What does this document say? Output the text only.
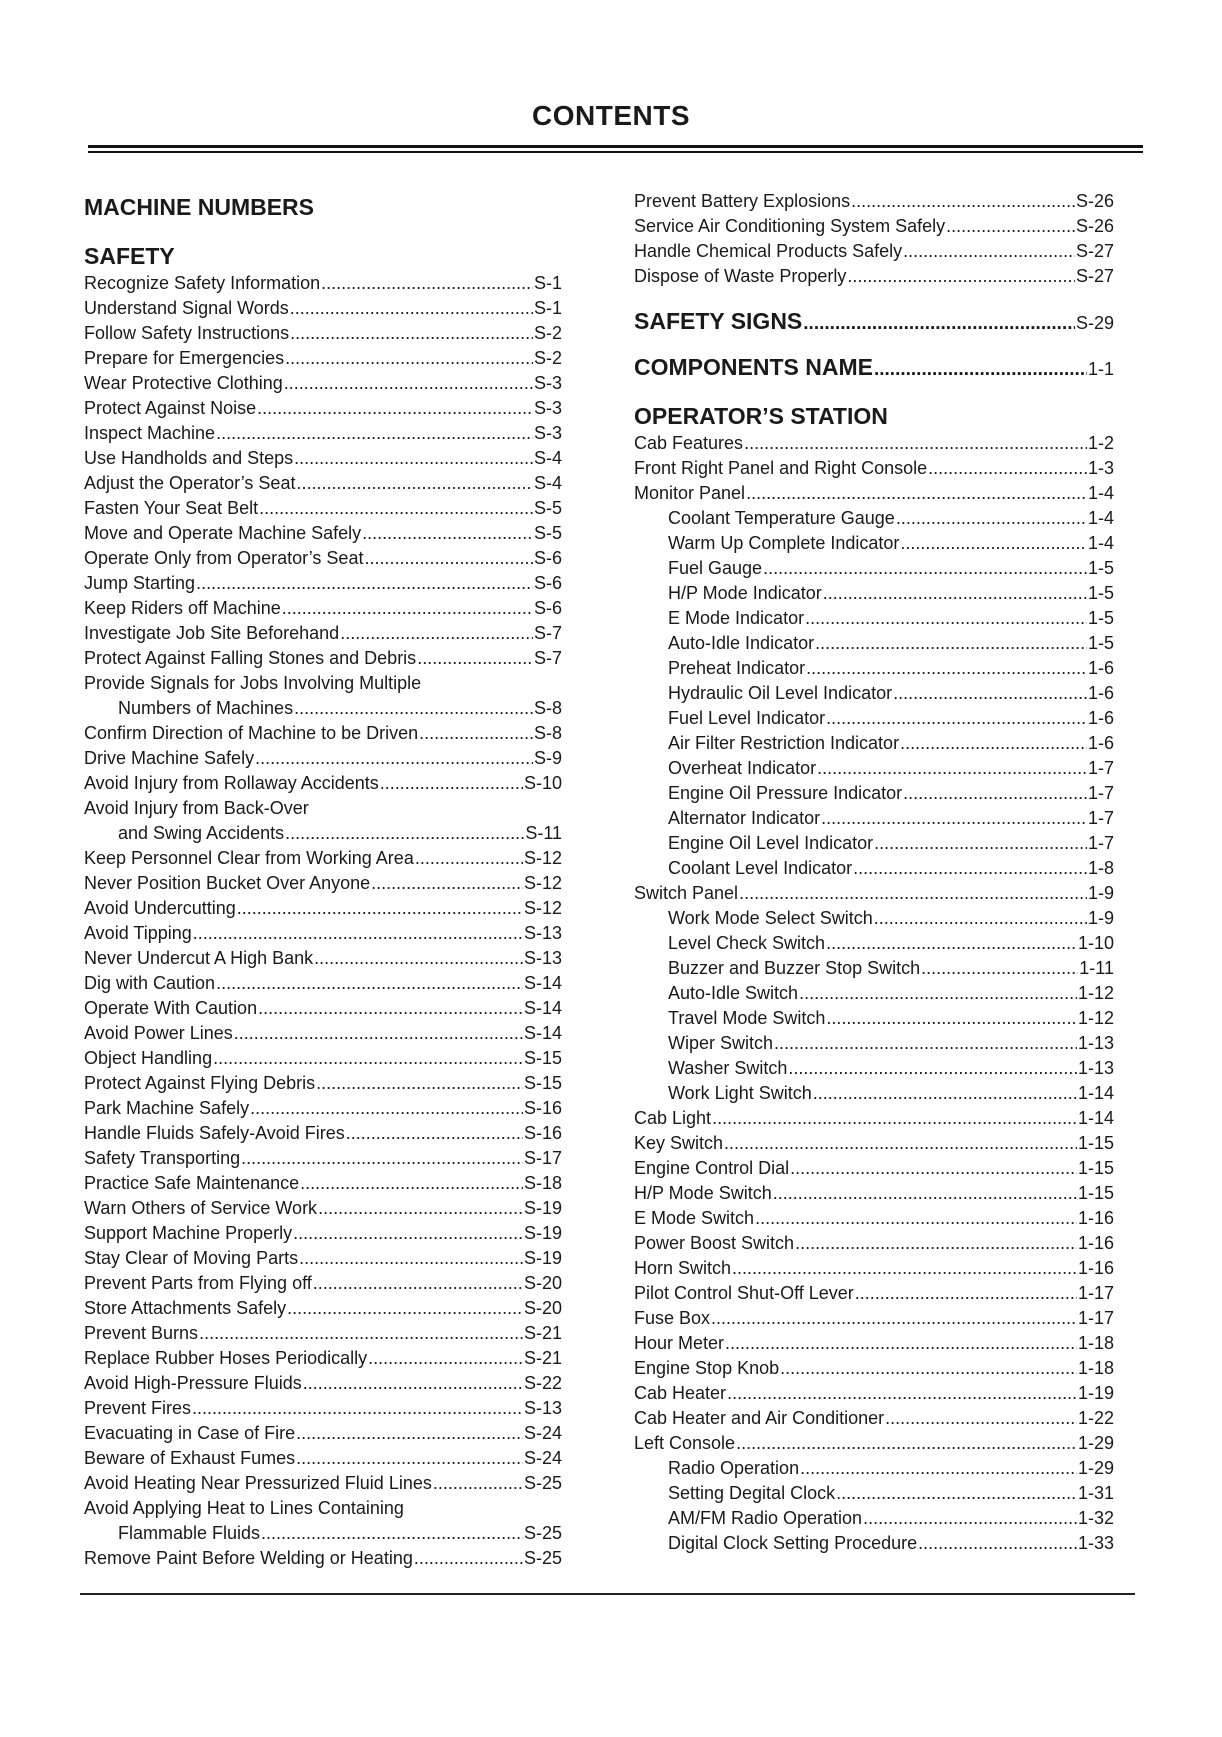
CONTENTS
MACHINE NUMBERS
SAFETY
Recognize Safety Information .....	S-1
Understand Signal Words .....	S-1
Follow Safety Instructions .....	S-2
Prepare for Emergencies .....	S-2
Wear Protective Clothing .....	S-3
Protect Against Noise .....	S-3
Inspect Machine .....	S-3
Use Handholds and Steps .....	S-4
Adjust the Operator’s Seat .....	S-4
Fasten Your Seat Belt .....	S-5
Move and Operate Machine Safely .....	S-5
Operate Only from Operator’s Seat .....	S-6
Jump Starting .....	S-6
Keep Riders off Machine .....	S-6
Investigate Job Site Beforehand .....	S-7
Protect Against Falling Stones and Debris .....	S-7
Provide Signals for Jobs Involving Multiple
Numbers of Machines .....	S-8
Confirm Direction of Machine to be Driven .....	S-8
Drive Machine Safely .....	S-9
Avoid Injury from Rollaway Accidents .....	S-10
Avoid Injury from Back-Over
and Swing Accidents .....	S-11
Keep Personnel Clear from Working Area .....	S-12
Never Position Bucket Over Anyone .....	S-12
Avoid Undercutting .....	S-12
Avoid Tipping .....	S-13
Never Undercut A High Bank .....	S-13
Dig with Caution .....	S-14
Operate With Caution .....	S-14
Avoid Power Lines .....	S-14
Object Handling .....	S-15
Protect Against Flying Debris .....	S-15
Park Machine Safely .....	S-16
Handle Fluids Safely-Avoid Fires .....	S-16
Safety Transporting .....	S-17
Practice Safe Maintenance .....	S-18
Warn Others of Service Work .....	S-19
Support Machine Properly .....	S-19
Stay Clear of Moving Parts .....	S-19
Prevent Parts from Flying off .....	S-20
Store Attachments Safely .....	S-20
Prevent Burns .....	S-21
Replace Rubber Hoses Periodically .....	S-21
Avoid High-Pressure Fluids .....	S-22
Prevent Fires .....	S-13
Evacuating in Case of Fire .....	S-24
Beware of Exhaust Fumes .....	S-24
Avoid Heating Near Pressurized Fluid Lines .....	S-25
Avoid Applying Heat to Lines Containing
Flammable Fluids .....	S-25
Remove Paint Before Welding or Heating .....	S-25
Prevent Battery Explosions .....	S-26
Service Air Conditioning System Safely .....	S-26
Handle Chemical Products Safely .....	S-27
Dispose of Waste Properly .....	S-27
SAFETY SIGNS .....	S-29
COMPONENTS NAME .....	1-1
OPERATOR’S STATION
Cab Features .....	1-2
Front Right Panel and Right Console .....	1-3
Monitor Panel .....	1-4
Coolant Temperature Gauge .....	1-4
Warm Up Complete Indicator .....	1-4
Fuel Gauge .....	1-5
H/P Mode Indicator .....	1-5
E Mode Indicator .....	1-5
Auto-Idle Indicator .....	1-5
Preheat Indicator .....	1-6
Hydraulic Oil Level Indicator .....	1-6
Fuel Level Indicator .....	1-6
Air Filter Restriction Indicator .....	1-6
Overheat Indicator .....	1-7
Engine Oil Pressure Indicator .....	1-7
Alternator Indicator .....	1-7
Engine Oil Level Indicator .....	1-7
Coolant Level Indicator .....	1-8
Switch Panel .....	1-9
Work Mode Select Switch .....	1-9
Level Check Switch .....	1-10
Buzzer and Buzzer Stop Switch .....	1-11
Auto-Idle Switch .....	1-12
Travel Mode Switch .....	1-12
Wiper Switch .....	1-13
Washer Switch .....	1-13
Work Light Switch .....	1-14
Cab Light .....	1-14
Key Switch .....	1-15
Engine Control Dial .....	1-15
H/P Mode Switch .....	1-15
E Mode Switch .....	1-16
Power Boost Switch .....	1-16
Horn Switch .....	1-16
Pilot Control Shut-Off Lever .....	1-17
Fuse Box .....	1-17
Hour Meter .....	1-18
Engine Stop Knob .....	1-18
Cab Heater .....	1-19
Cab Heater and Air Conditioner .....	1-22
Left Console .....	1-29
Radio Operation .....	1-29
Setting Degital Clock .....	1-31
AM/FM Radio Operation .....	1-32
Digital Clock Setting Procedure .....	1-33
